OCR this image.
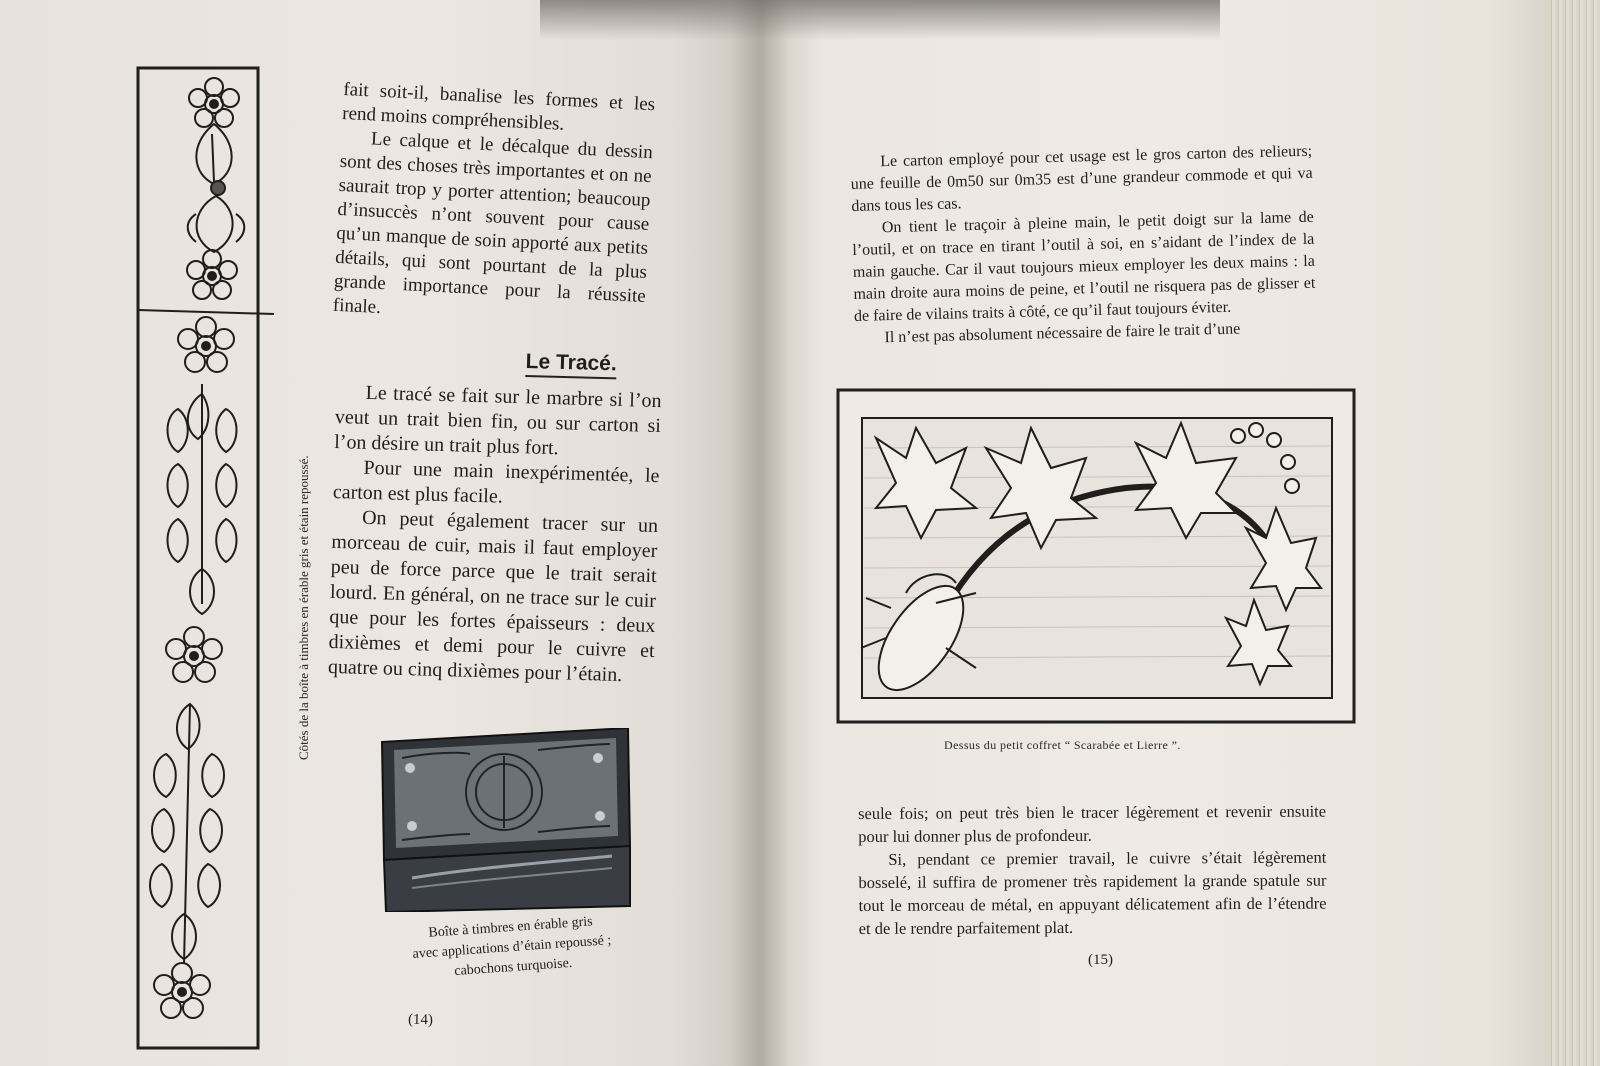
Côtés de la boîte à timbres en érable gris et étain repoussé.

fait soit-il, banalise les formes et les rend moins compréhensibles.

Le calque et le décalque du dessin sont des choses très importantes et on ne saurait trop y porter attention; beaucoup d’insuccès n’ont souvent pour cause qu’un manque de soin apporté aux petits détails, qui sont pourtant de la plus grande importance pour la réussite finale.

Le Tracé.

Le tracé se fait sur le marbre si l’on veut un trait bien fin, ou sur carton si l’on désire un trait plus fort.

Pour une main inexpérimentée, le carton est plus facile.

On peut également tracer sur un morceau de cuir, mais il faut employer peu de force parce que le trait serait lourd. En général, on ne trace sur le cuir que pour les fortes épaisseurs : deux dixièmes et demi pour le cuivre et quatre ou cinq dixièmes pour l’étain.

Boîte à timbres en érable gris
avec applications d’étain repoussé ;
cabochons turquoise.
(14)

Le carton employé pour cet usage est le gros carton des relieurs; une feuille de 0m50 sur 0m35 est d’une grandeur commode et qui va dans tous les cas.

On tient le traçoir à pleine main, le petit doigt sur la lame de l’outil, et on trace en tirant l’outil à soi, en s’aidant de l’index de la main gauche. Car il vaut toujours mieux employer les deux mains : la main droite aura moins de peine, et l’outil ne risquera pas de glisser et de faire de vilains traits à côté, ce qu’il faut toujours éviter.

Il n’est pas absolument nécessaire de faire le trait d’une

Dessus du petit coffret “ Scarabée et Lierre ”.

seule fois; on peut très bien le tracer légèrement et revenir ensuite pour lui donner plus de profondeur.

Si, pendant ce premier travail, le cuivre s’était légèrement bosselé, il suffira de promener très rapidement la grande spatule sur tout le morceau de métal, en appuyant délicatement afin de l’étendre et de le rendre parfaitement plat.

(15)
